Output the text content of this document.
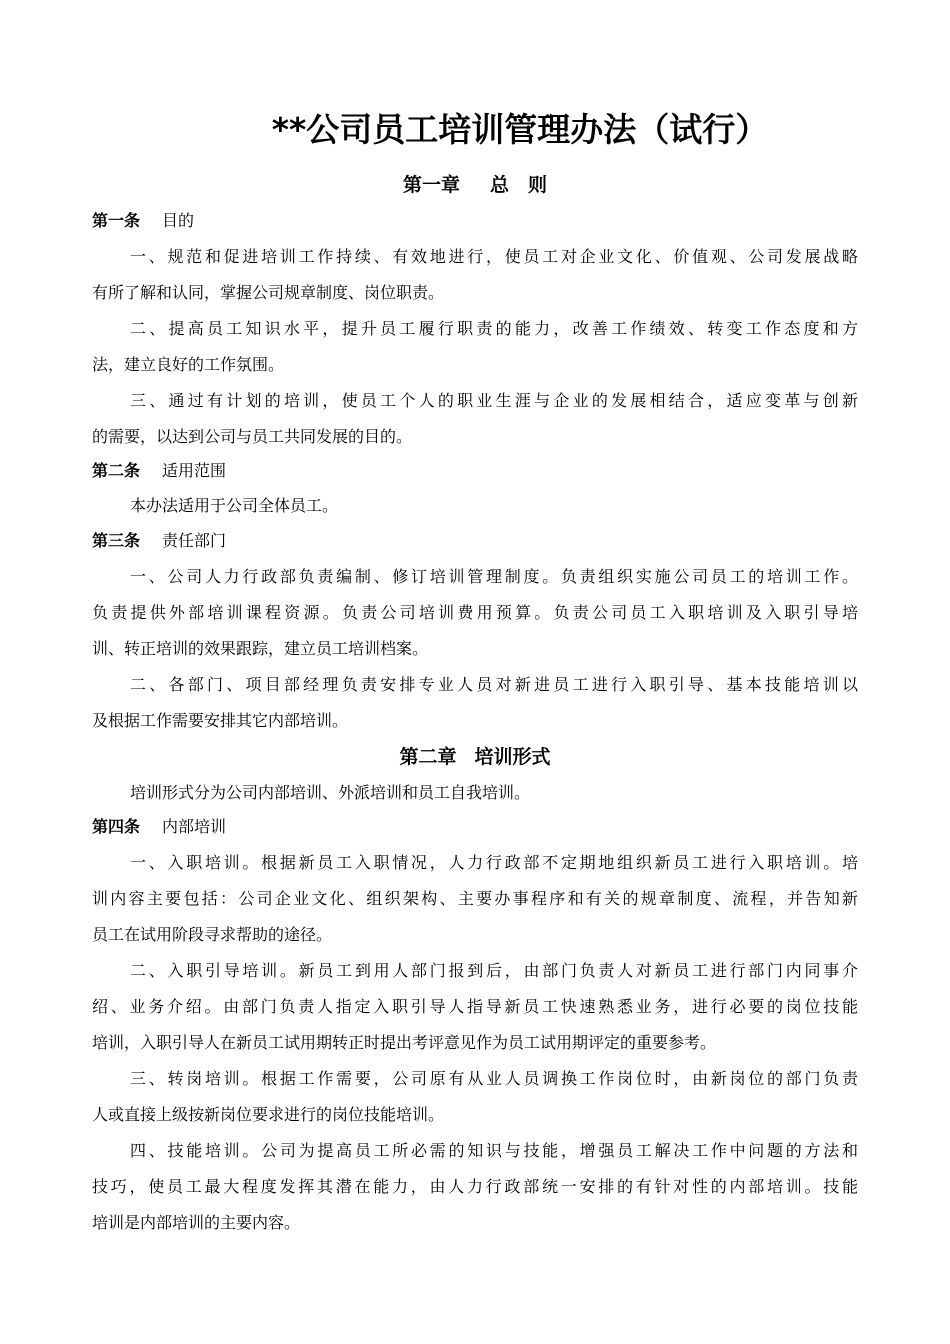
**公司员工培训管理办法（试行）
第一章 总　则
第一条 目的
一、规范和促进培训工作持续、有效地进行，使员工对企业文化、价值观、公司发展战略
有所了解和认同，掌握公司规章制度、岗位职责。
二、提高员工知识水平，提升员工履行职责的能力，改善工作绩效、转变工作态度和方
法，建立良好的工作氛围。
三、通过有计划的培训，使员工个人的职业生涯与企业的发展相结合，适应变革与创新
的需要，以达到公司与员工共同发展的目的。
第二条 适用范围
本办法适用于公司全体员工。
第三条 责任部门
一、公司人力行政部负责编制、修订培训管理制度。负责组织实施公司员工的培训工作。
负责提供外部培训课程资源。负责公司培训费用预算。负责公司员工入职培训及入职引导培
训、转正培训的效果跟踪，建立员工培训档案。
二、各部门、项目部经理负责安排专业人员对新进员工进行入职引导、基本技能培训以
及根据工作需要安排其它内部培训。
第二章 培训形式
培训形式分为公司内部培训、外派培训和员工自我培训。
第四条 内部培训
一、入职培训。根据新员工入职情况，人力行政部不定期地组织新员工进行入职培训。培
训内容主要包括：公司企业文化、组织架构、主要办事程序和有关的规章制度、流程，并告知新
员工在试用阶段寻求帮助的途径。
二、入职引导培训。新员工到用人部门报到后，由部门负责人对新员工进行部门内同事介
绍、业务介绍。由部门负责人指定入职引导人指导新员工快速熟悉业务，进行必要的岗位技能
培训，入职引导人在新员工试用期转正时提出考评意见作为员工试用期评定的重要参考。
三、转岗培训。根据工作需要，公司原有从业人员调换工作岗位时，由新岗位的部门负责
人或直接上级按新岗位要求进行的岗位技能培训。
四、技能培训。公司为提高员工所必需的知识与技能，增强员工解决工作中问题的方法和
技巧，使员工最大程度发挥其潜在能力，由人力行政部统一安排的有针对性的内部培训。技能
培训是内部培训的主要内容。
